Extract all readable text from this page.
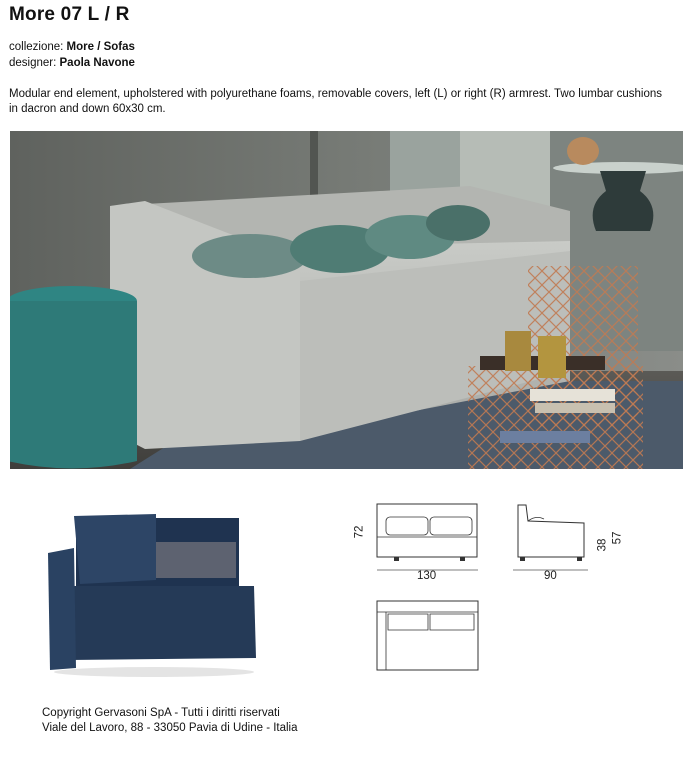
More 07 L / R
collezione: More / Sofas
designer: Paola Navone

Modular end element, upholstered with polyurethane foams, removable covers, left (L) or right (R) armrest. Two lumbar cushions in dacron and down 60x30 cm.

72
130	90
38
57
Copyright Gervasoni SpA - Tutti i diritti riservati
Viale del Lavoro, 88 - 33050 Pavia di Udine - Italia
